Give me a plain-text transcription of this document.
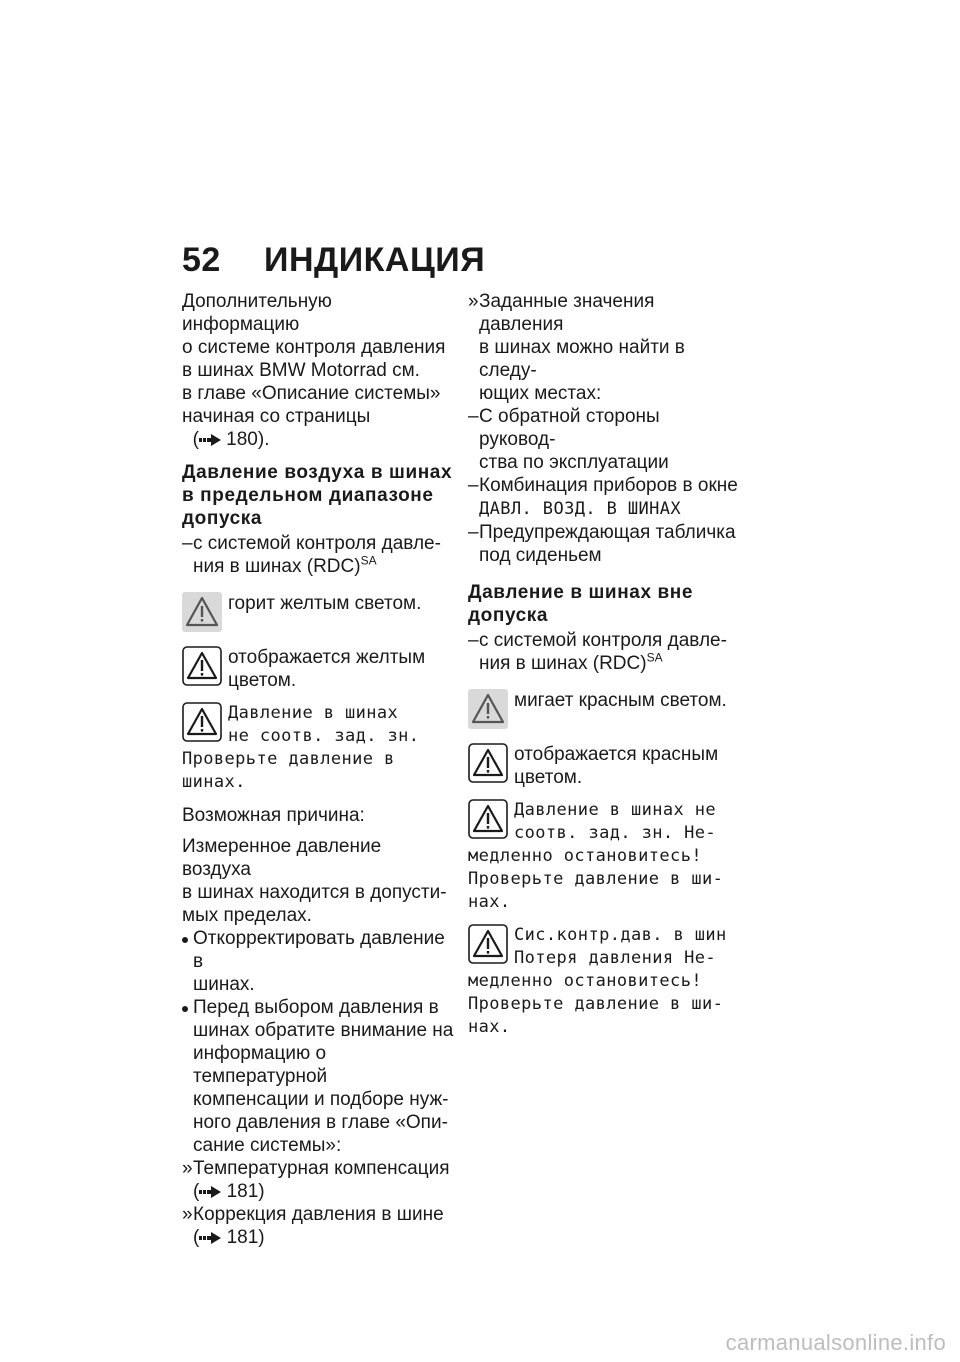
52 ИНДИКАЦИЯ

Дополнительную информацию
о системе контроля давления
в шинах BMW Motorrad см.
в главе «Описание системы»
начиная со страницы   ( 180).

Давление воздуха в шинах
в предельном диапазоне
допуска
– с системой контроля давле-
ния в шинах (RDC)$^{SA}$
горит желтым светом.
отображается желтым
цветом.
Давление в шинах
не соотв. зад. зн.
Проверьте давление в
шинах.

Возможная причина:

Измеренное давление воздуха
в шинах находится в допусти-
мых пределах.

Откорректировать давление в
шинах.
Перед выбором давления в
шинах обратите внимание на
информацию о температурной
компенсации и подборе нуж-
ного давления в главе «Опи-
сание системы»:
» Температурная компенсация
( 181)
» Коррекция давления в шине
( 181)
» Заданные значения давления
в шинах можно найти в следу-
ющих местах:
– С обратной стороны руковод-
ства по эксплуатации
– Комбинация приборов в окне
ДАВЛ. ВОЗД. В ШИНАХ
– Предупреждающая табличка
под сиденьем
Давление в шинах вне
допуска
– с системой контроля давле-
ния в шинах (RDC)$^{SA}$
мигает красным светом.
отображается красным
цветом.
Давление в шинах не
соотв. зад. зн. Не-
медленно остановитесь!
Проверьте давление в ши-
нах.
Сис.контр.дав. в шин
Потеря давления Не-
медленно остановитесь!
Проверьте давление в ши-
нах.
carmanualsonline.info
